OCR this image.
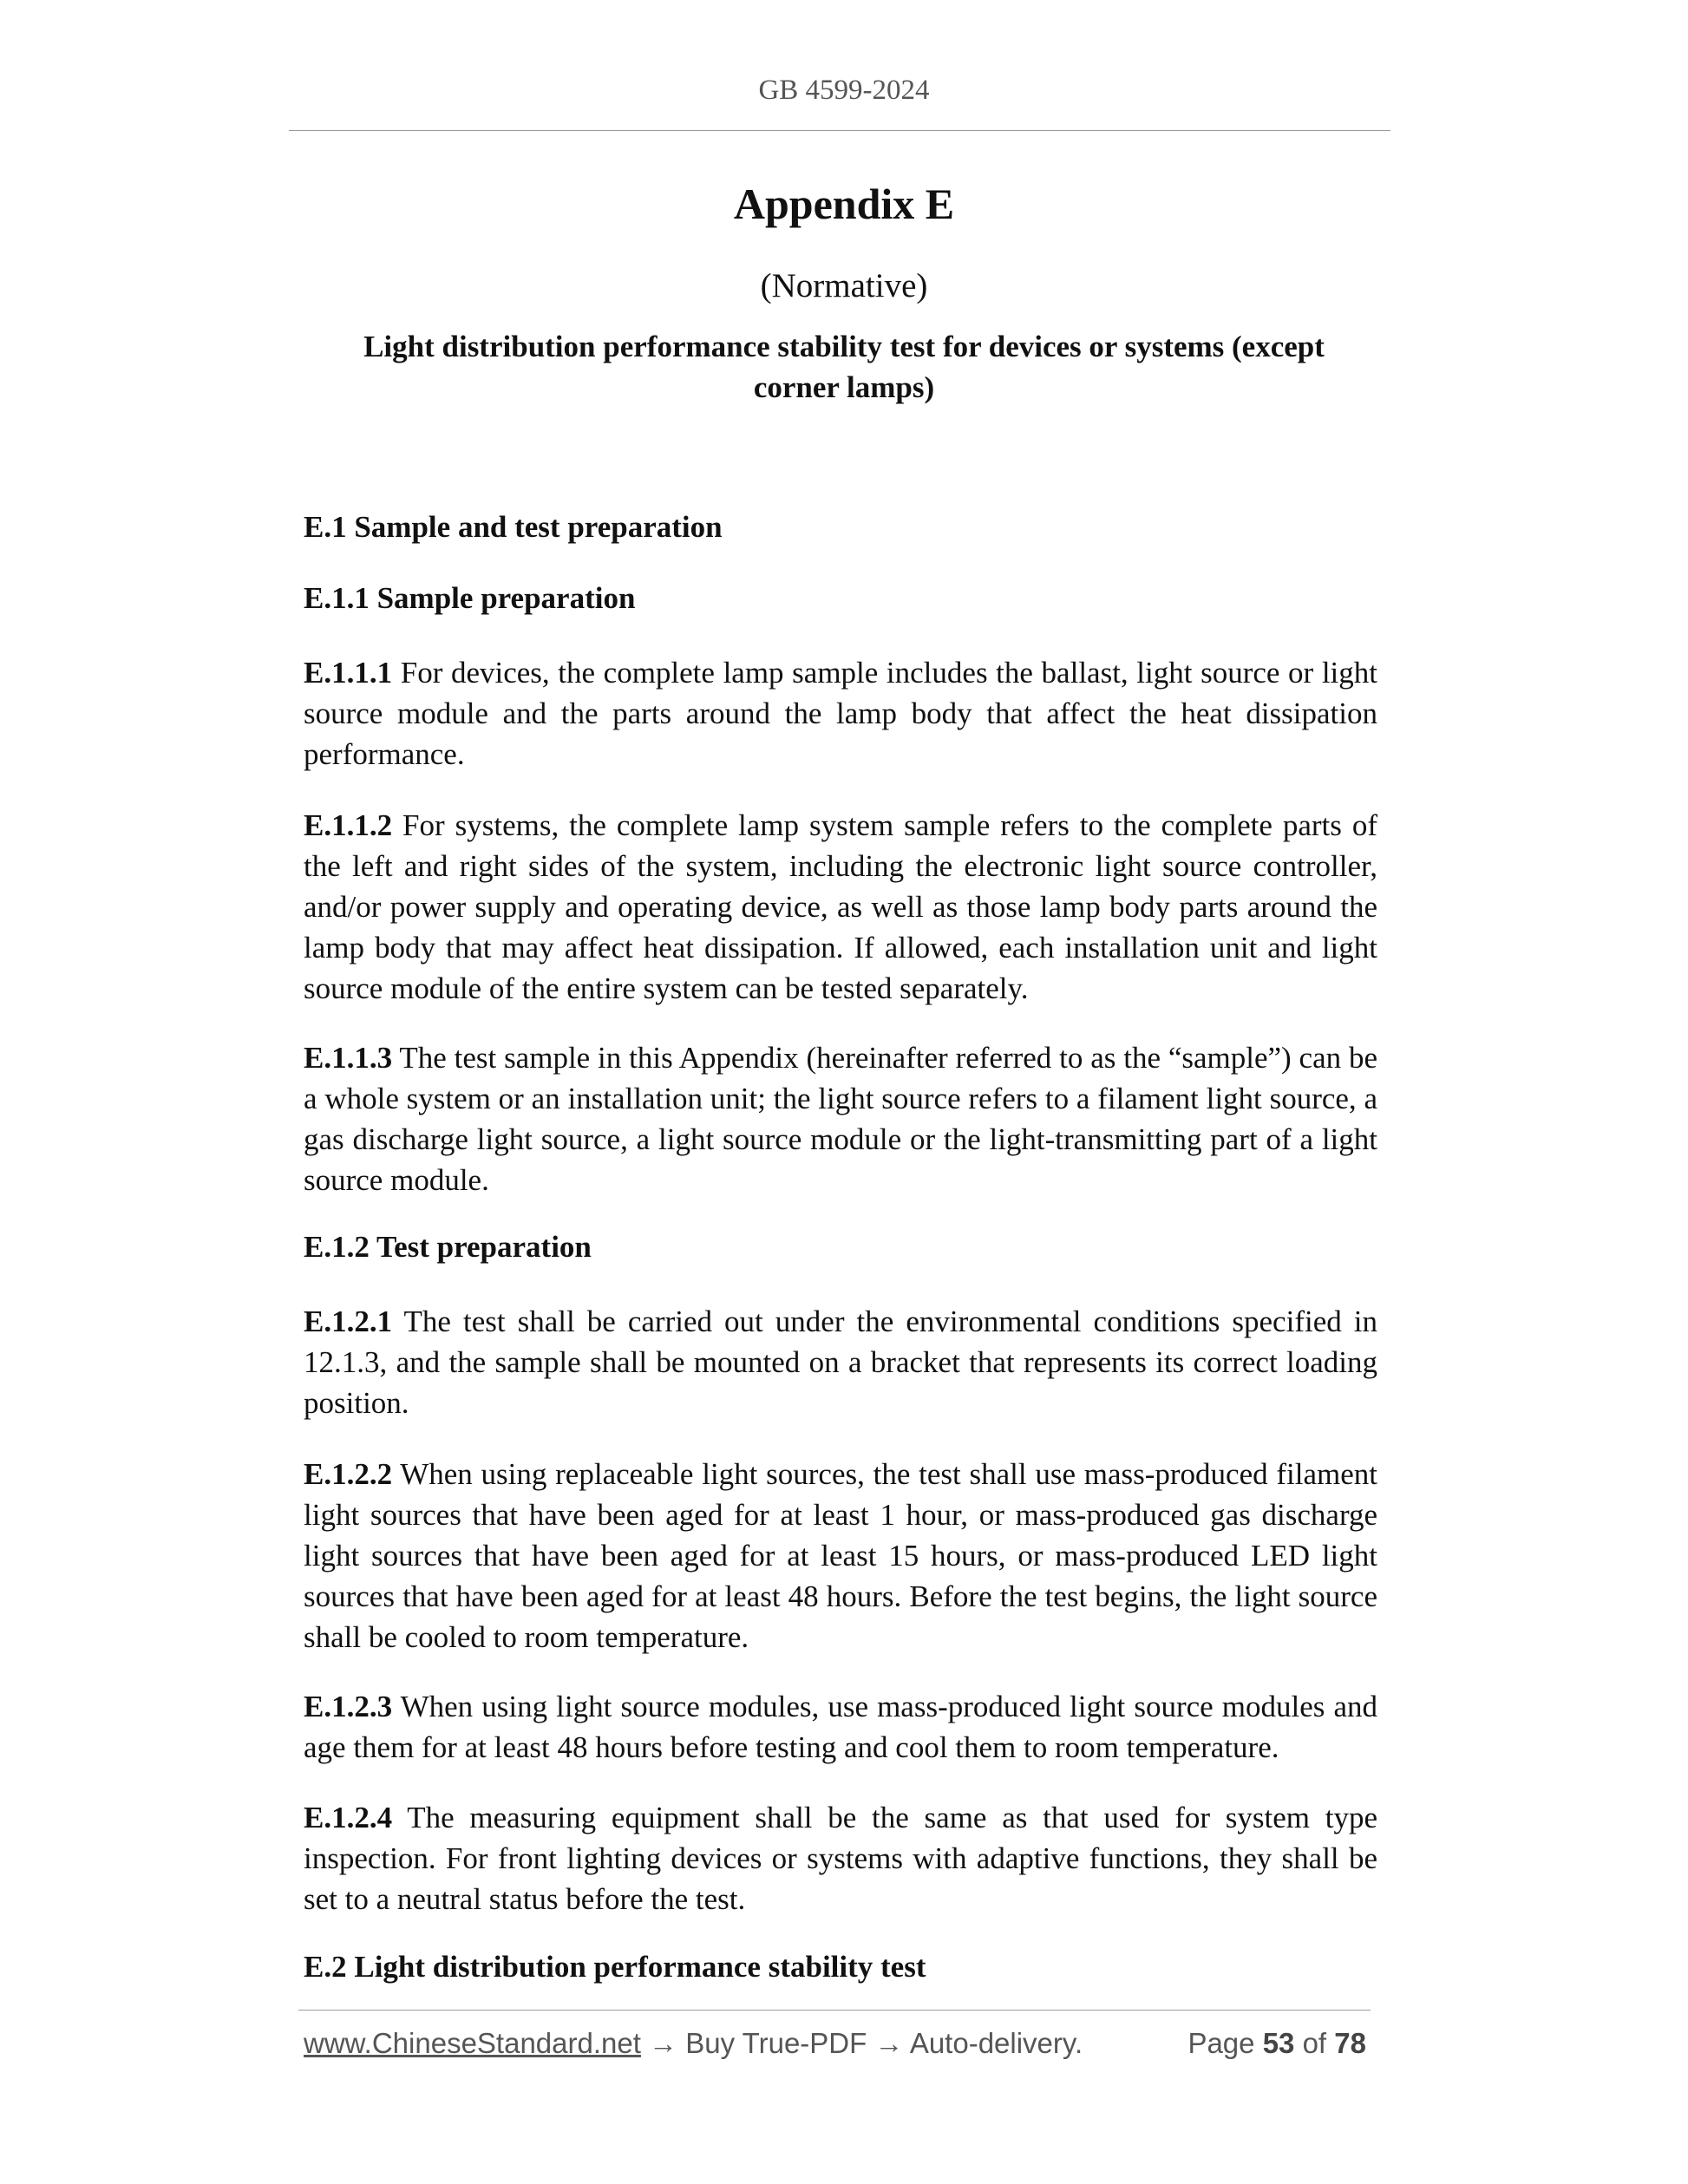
GB 4599-2024
Appendix E
(Normative)
Light distribution performance stability test for devices or systems (except
corner lamps)
E.1 Sample and test preparation
E.1.1 Sample preparation
E.1.1.1 For devices, the complete lamp sample includes the ballast, light source or light source module and the parts around the lamp body that affect the heat dissipation performance.
E.1.1.2 For systems, the complete lamp system sample refers to the complete parts of the left and right sides of the system, including the electronic light source controller, and/or power supply and operating device, as well as those lamp body parts around the lamp body that may affect heat dissipation. If allowed, each installation unit and light source module of the entire system can be tested separately.
E.1.1.3 The test sample in this Appendix (hereinafter referred to as the “sample”) can be a whole system or an installation unit; the light source refers to a filament light source, a gas discharge light source, a light source module or the light-transmitting part of a light source module.
E.1.2 Test preparation
E.1.2.1 The test shall be carried out under the environmental conditions specified in 12.1.3, and the sample shall be mounted on a bracket that represents its correct loading position.
E.1.2.2 When using replaceable light sources, the test shall use mass-produced filament light sources that have been aged for at least 1 hour, or mass-produced gas discharge light sources that have been aged for at least 15 hours, or mass-produced LED light sources that have been aged for at least 48 hours. Before the test begins, the light source shall be cooled to room temperature.
E.1.2.3 When using light source modules, use mass-produced light source modules and age them for at least 48 hours before testing and cool them to room temperature.
E.1.2.4 The measuring equipment shall be the same as that used for system type inspection. For front lighting devices or systems with adaptive functions, they shall be set to a neutral status before the test.
E.2 Light distribution performance stability test
www.ChineseStandard.net → Buy True-PDF → Auto-delivery.	Page 53 of 78
